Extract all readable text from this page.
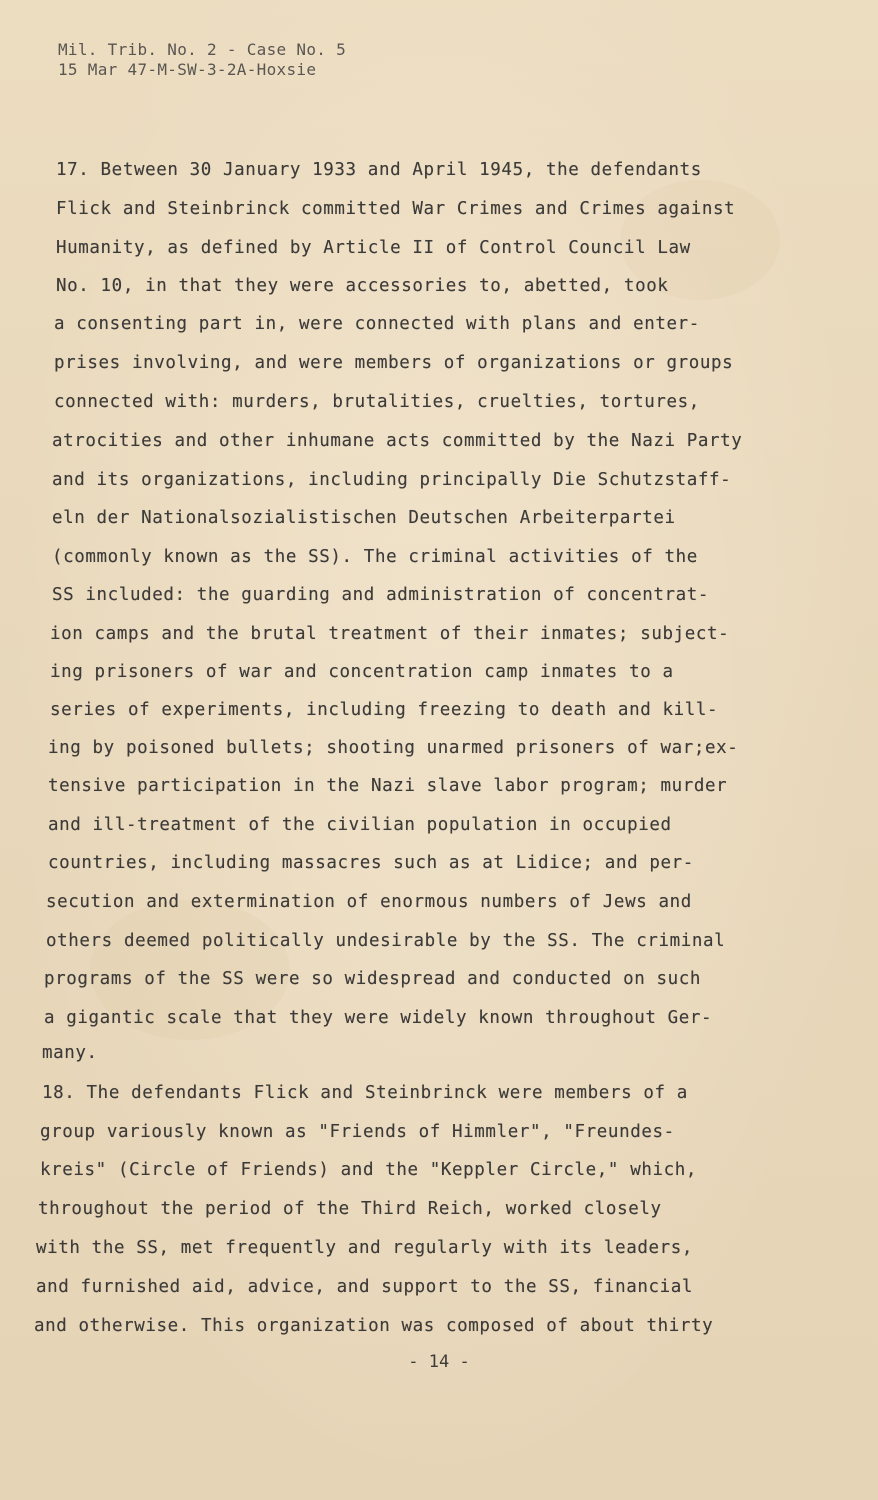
Mil. Trib. No. 2 - Case No. 5
15 Mar 47-M-SW-3-2A-Hoxsie
17. Between 30 January 1933 and April 1945, the defendants
Flick and Steinbrinck committed War Crimes and Crimes against
Humanity, as defined by Article II of Control Council Law
No. 10, in that they were accessories to, abetted, took
a consenting part in, were connected with plans and enter-
prises involving, and were members of organizations or groups
connected with: murders, brutalities, cruelties, tortures,
atrocities and other inhumane acts committed by the Nazi Party
and its organizations, including principally Die Schutzstaff-
eln der Nationalsozialistischen Deutschen Arbeiterpartei
(commonly known as the SS). The criminal activities of the
SS included: the guarding and administration of concentrat-
ion camps and the brutal treatment of their inmates; subject-
ing prisoners of war and concentration camp inmates to a
series of experiments, including freezing to death and kill-
ing by poisoned bullets; shooting unarmed prisoners of war;ex-
tensive participation in the Nazi slave labor program; murder
and ill-treatment of the civilian population in occupied
countries, including massacres such as at Lidice; and per-
secution and extermination of enormous numbers of Jews and
others deemed politically undesirable by the SS. The criminal
programs of the SS were so widespread and conducted on such
a gigantic scale that they were widely known throughout Ger-
many.
18. The defendants Flick and Steinbrinck were members of a
group variously known as "Friends of Himmler", "Freundes-
kreis" (Circle of Friends) and the "Keppler Circle," which,
throughout the period of the Third Reich, worked closely
with the SS, met frequently and regularly with its leaders,
and furnished aid, advice, and support to the SS, financial
and otherwise. This organization was composed of about thirty
- 14 -
